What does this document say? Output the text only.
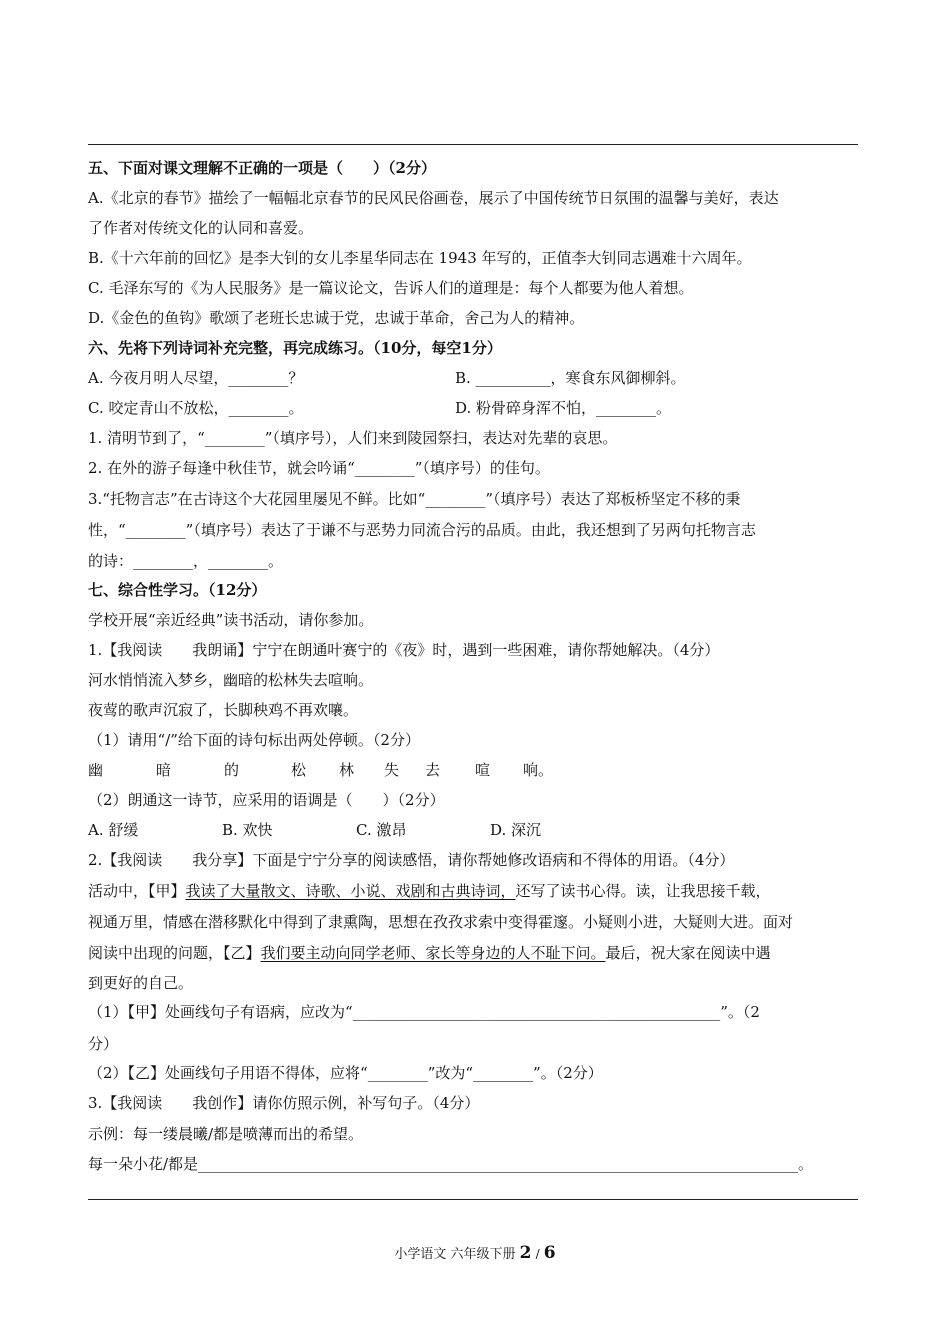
五、下面对课文理解不正确的一项是（　　）（2分）
A.《北京的春节》描绘了一幅幅北京春节的民风民俗画卷，展示了中国传统节日氛围的温馨与美好，表达
了作者对传统文化的认同和喜爱。
B.《十六年前的回忆》是李大钊的女儿李星华同志在 1943 年写的，正值李大钊同志遇难十六周年。
C. 毛泽东写的《为人民服务》是一篇议论文，告诉人们的道理是：每个人都要为他人着想。
D.《金色的鱼钩》歌颂了老班长忠诚于党，忠诚于革命，舍己为人的精神。
六、先将下列诗词补充完整，再完成练习。（10分，每空1分）
A. 今夜月明人尽望，________？	B. __________，寒食东风御柳斜。
C. 咬定青山不放松，________。	D. 粉骨碎身浑不怕，________。
1. 清明节到了，“________”（填序号），人们来到陵园祭扫，表达对先辈的哀思。
2. 在外的游子每逢中秋佳节，就会吟诵“________”（填序号）的佳句。
3.“托物言志”在古诗这个大花园里屡见不鲜。比如“________”（填序号）表达了郑板桥坚定不移的秉
性，“________”（填序号）表达了于谦不与恶势力同流合污的品质。由此，我还想到了另两句托物言志
的诗：________，________。
七、综合性学习。（12分）
学校开展“亲近经典”读书活动，请你参加。
1.【我阅读　　我朗诵】宁宁在朗通叶赛宁的《夜》时，遇到一些困难，请你帮她解决。（4分）
河水悄悄流入梦乡，幽暗的松林失去喧响。
夜莺的歌声沉寂了，长脚秧鸡不再欢嚷。
（1）请用“/”给下面的诗句标出两处停顿。（2分）
幽	暗	的	松 林 失 去 喧 响。
（2）朗通这一诗节，应采用的语调是（　　）（2分）
A. 舒缓	B. 欢快	C. 激昂	D. 深沉
2.【我阅读　　我分享】下面是宁宁分享的阅读感悟，请你帮她修改语病和不得体的用语。（4分）
活动中，【甲】我读了大量散文、诗歌、小说、戏剧和古典诗词，还写了读书心得。读，让我思接千载，
视通万里，情感在潜移默化中得到了隶熏陶，思想在孜孜求索中变得霍邃。小疑则小进，大疑则大进。面对
阅读中出现的问题，【乙】我们要主动向同学老师、家长等身边的人不耻下问。最后，祝大家在阅读中遇
到更好的自己。
（1）【甲】处画线句子有语病，应改为“_________________________________________________”。（2
分）
（2）【乙】处画线句子用语不得体，应将“________”改为“________”。（2分）
3.【我阅读　　我创作】请你仿照示例，补写句子。（4分）
示例：每一缕晨曦/都是喷薄而出的希望。
每一朵小花/都是________________________________________________________________________________。
小学语文 六年级下册 2 / 6
